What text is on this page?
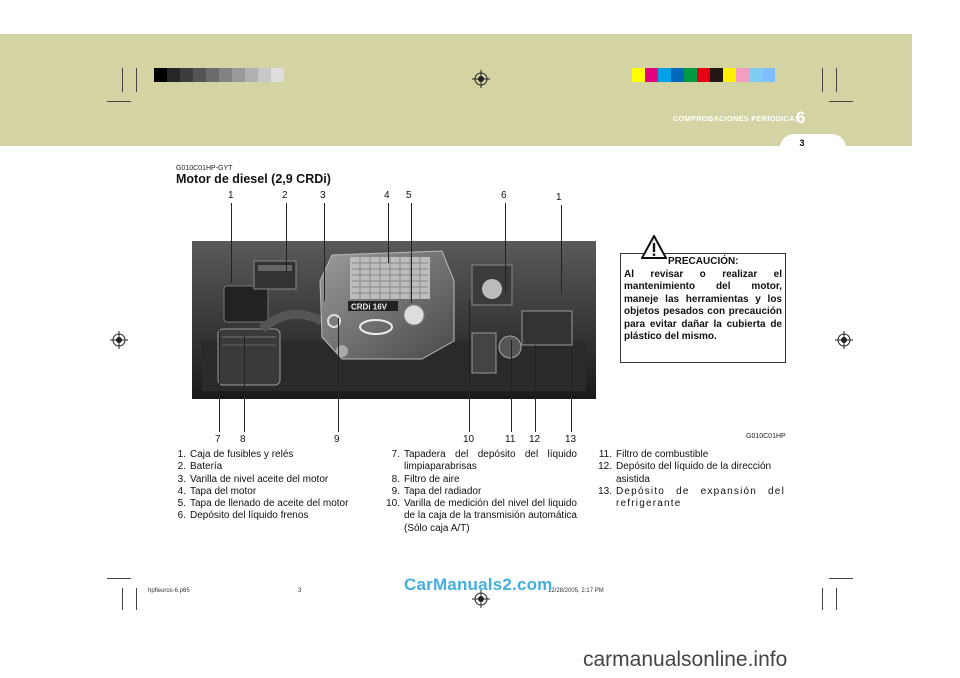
COMPROBACIONES PERIODICAS
6
3
G010C01HP-GYT
Motor de diesel (2,9 CRDi)
1	2	3	4 5	6	1
CRDi 16V
7 8	9	10	11 12 13	G010C01HP
PRECAUCIÓN:
Al revisar o realizar el mantenimiento del motor, maneje las herramientas y los objetos pesados con precaución para evitar dañar la cubierta de plástico del mismo.
1. Caja de fusibles y relés
2. Batería
3. Varilla de nivel aceite del motor
4. Tapa del motor
5. Tapa de llenado de aceite del motor
6. Depósito del líquido frenos
7. Tapadera del depósito del líquido limpiaparabrisas
8. Filtro de aire
9. Tapa del radiador
10. Varilla de medición del nivel del liquido de la caja de la transmisión automática (Sólo caja A/T)
11. Filtro de combustible
12. Depósito del líquido de la dirección asistida
13. Depósito de expansión del refrigerante
hpfleuros-6.p65	3	12/28/2005, 2:17 PM
CarManuals2.com
carmanualsonline.info
